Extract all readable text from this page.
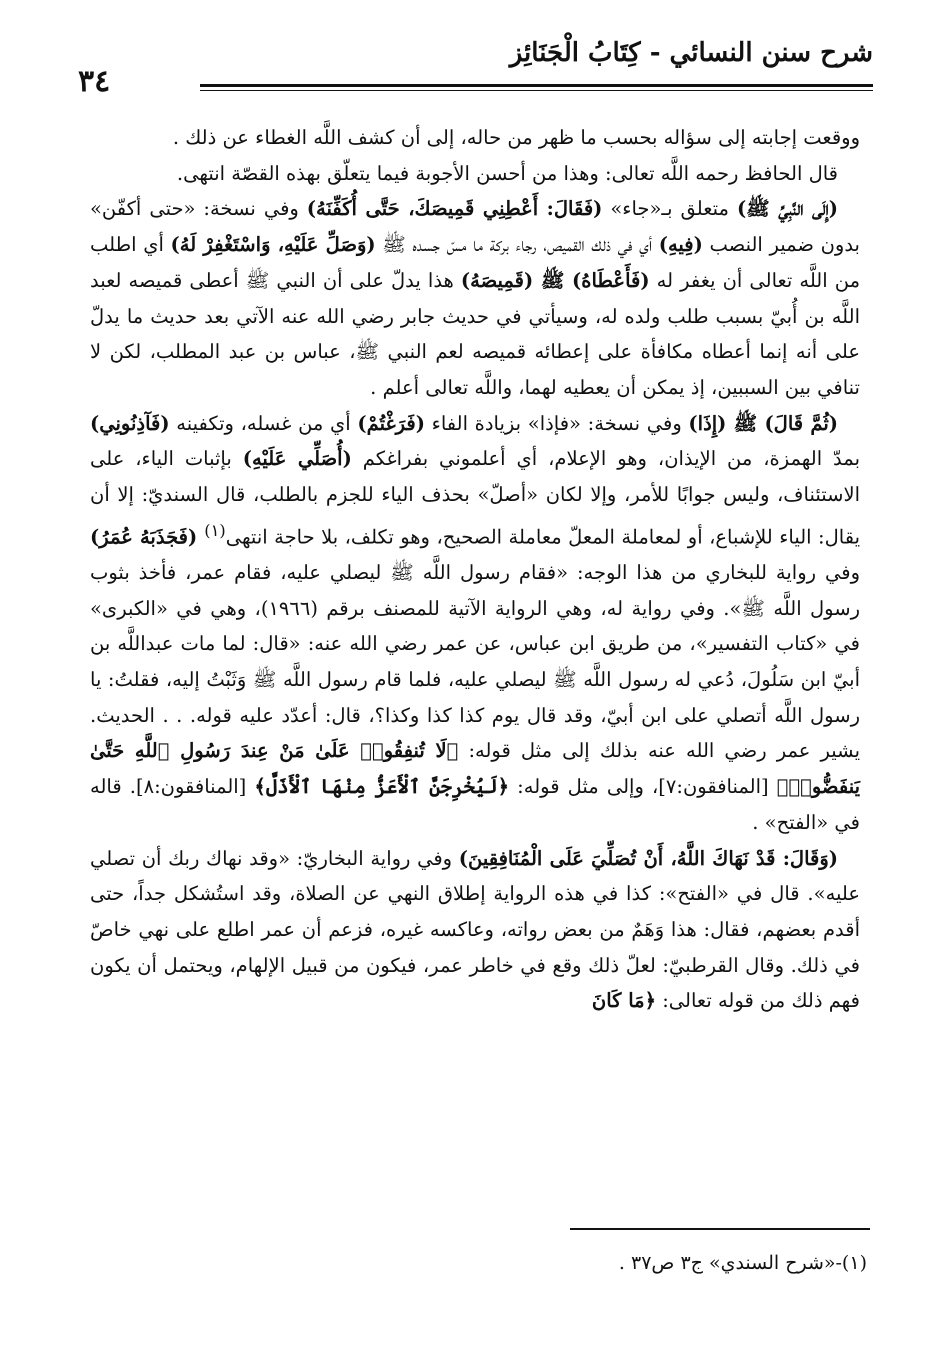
شرح سنن النسائي - كِتَابُ الْجَنَائِز
٣٤

ووقعت إجابته إلى سؤاله بحسب ما ظهر من حاله، إلى أن كشف اللَّه الغطاء عن ذلك .

قال الحافظ رحمه اللَّه تعالى: وهذا من أحسن الأجوبة فيما يتعلّق بهذه القصّة انتهى.

(إِلَى النَّبِيِّ ﷺ) متعلق بـ«جاء» (فَقَالَ: أَعْطِنِي قَمِيصَكَ، حَتَّى أُكَفِّنَهُ) وفي نسخة: «حتى أكفّن» بدون ضمير النصب (فِيهِ) أي في ذلك القميص، رجاء بركة ما مسّ جسده ﷺ (وَصَلِّ عَلَيْهِ، وَاسْتَغْفِرْ لَهُ) أي اطلب من اللَّه تعالى أن يغفر له (فَأَعْطَاهُ) ﷺ (قَمِيصَهُ) هذا يدلّ على أن النبي ﷺ أعطى قميصه لعبد اللَّه بن أُبيّ بسبب طلب ولده له، وسيأتي في حديث جابر رضي الله عنه الآتي بعد حديث ما يدلّ على أنه إنما أعطاه مكافأة على إعطائه قميصه لعم النبي ﷺ، عباس بن عبد المطلب، لكن لا تنافي بين السببين، إذ يمكن أن يعطيه لهما، واللَّه تعالى أعلم .

(ثُمَّ قَالَ) ﷺ (إِذَا) وفي نسخة: «فإذا» بزيادة الفاء (فَرَغْتُمْ) أي من غسله، وتكفينه (فَآذِنُونِي) بمدّ الهمزة، من الإيذان، وهو الإعلام، أي أعلموني بفراغكم (أُصَلِّي عَلَيْهِ) بإثبات الياء، على الاستئناف، وليس جوابًا للأمر، وإلا لكان «أصلّ» بحذف الياء للجزم بالطلب، قال السنديّ: إلا أن يقال: الياء للإشباع، أو لمعاملة المعلّ معاملة الصحيح، وهو تكلف، بلا حاجة انتهى$^{(١)}$ (فَجَذَبَهُ عُمَرُ) وفي رواية للبخاري من هذا الوجه: «فقام رسول اللَّه ﷺ ليصلي عليه، فقام عمر، فأخذ بثوب رسول اللَّه ﷺ». وفي رواية له، وهي الرواية الآتية للمصنف برقم (١٩٦٦)، وهي في «الكبرى» في «كتاب التفسير»، من طريق ابن عباس، عن عمر رضي الله عنه: «قال: لما مات عبداللَّه بن أبيّ ابن سَلُولَ، دُعي له رسول اللَّه ﷺ ليصلي عليه، فلما قام رسول اللَّه ﷺ وَثَبْتُ إليه، فقلتُ: يا رسول اللَّه أتصلي على ابن أبيّ، وقد قال يوم كذا كذا وكذا؟، قال: أعدّد عليه قوله. . . الحديث. يشير عمر رضي الله عنه بذلك إلى مثل قوله: ﴿لَا تُنفِقُوا۟ عَلَىٰ مَنْ عِندَ رَسُولِ ٱللَّهِ حَتَّىٰ يَنفَضُّوا۟﴾ [المنافقون:٧]، وإلى مثل قوله: ﴿لَيُخْرِجَنَّ ٱلْأَعَزُّ مِنْهَا ٱلْأَذَلَّ﴾ [المنافقون:٨]. قاله في «الفتح» .

(وَقَالَ: قَدْ نَهَاكَ اللَّهُ، أَنْ تُصَلِّيَ عَلَى الْمُنَافِقِينَ) وفي رواية البخاريّ: «وقد نهاك ربك أن تصلي عليه». قال في «الفتح»: كذا في هذه الرواية إطلاق النهي عن الصلاة، وقد استُشكل جداً، حتى أقدم بعضهم، فقال: هذا وَهَمٌ من بعض رواته، وعاكسه غيره، فزعم أن عمر اطلع على نهي خاصّ في ذلك. وقال القرطبيّ: لعلّ ذلك وقع في خاطر عمر، فيكون من قبيل الإلهام، ويحتمل أن يكون فهم ذلك من قوله تعالى: ﴿مَا كَانَ

(١)-«شرح السندي» ج٣ ص٣٧ .
